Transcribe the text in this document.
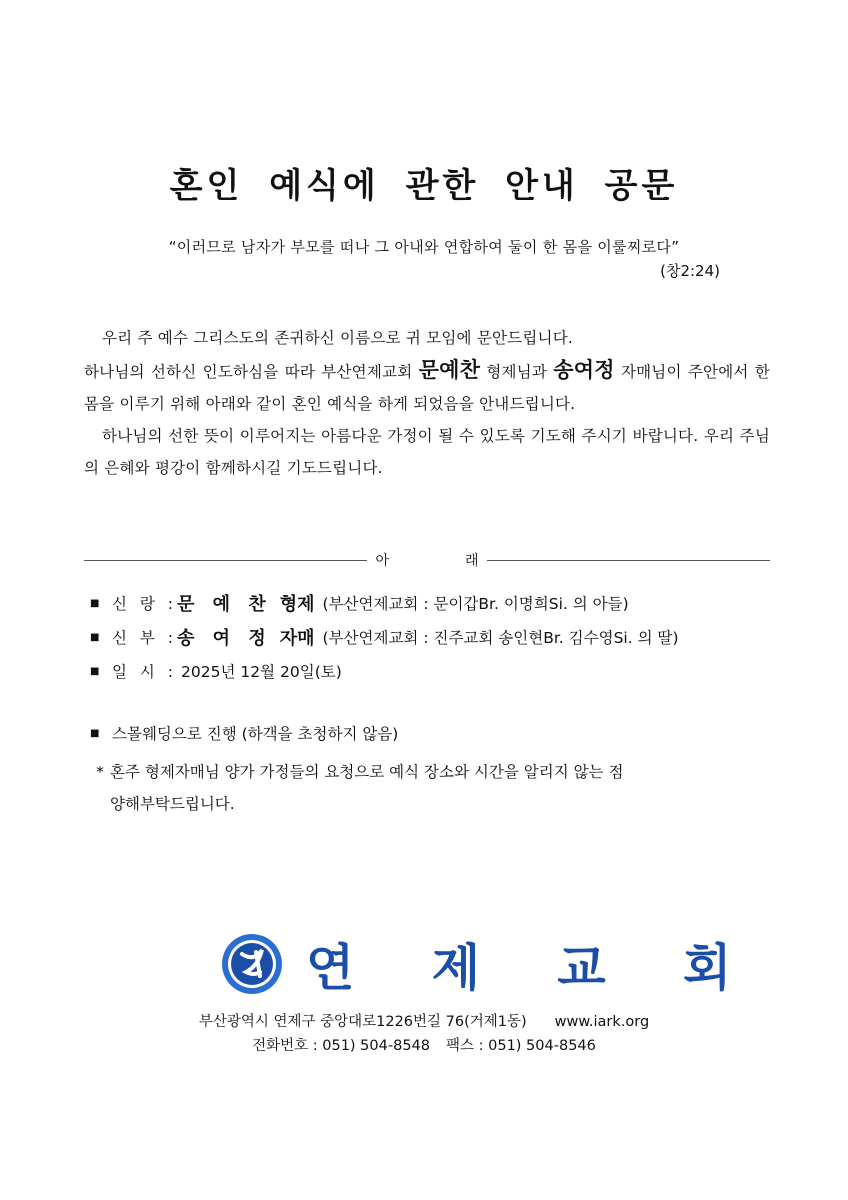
혼인 예식에 관한 안내 공문
“이러므로 남자가 부모를 떠나 그 아내와 연합하여 둘이 한 몸을 이룰찌로다”
(창2:24)

우리 주 예수 그리스도의 존귀하신 이름으로 귀 모임에 문안드립니다.

하나님의 선하신 인도하심을 따라 부산연제교회 문예찬 형제님과 송여정 자매님이 주안에서 한 몸을 이루기 위해 아래와 같이 혼인 예식을 하게 되었음을 안내드립니다.

하나님의 선한 뜻이 이루어지는 아름다운 가정이 될 수 있도록 기도해 주시기 바랍니다. 우리 주님의 은혜와 평강이 함께하시길 기도드립니다.

아	래
■ 신 랑 : 문 예 찬 형제 (부산연제교회 : 문이갑Br. 이명희Si. 의 아들)
■ 신 부 : 송 여 정 자매 (부산연제교회 : 진주교회 송인현Br. 김수영Si. 의 딸)
■ 일 시 : 2025년 12월 20일(토)
■ 스몰웨딩으로 진행 (하객을 초청하지 않음)
* 혼주 형제자매님 양가 가정들의 요청으로 예식 장소와 시간을 알리지 않는 점
양해부탁드립니다.
연 제 교 회
부산광역시 연제구 중앙대로1226번길 76(거제1동) www.iark.org
전화번호 : 051) 504-8548 팩스 : 051) 504-8546
